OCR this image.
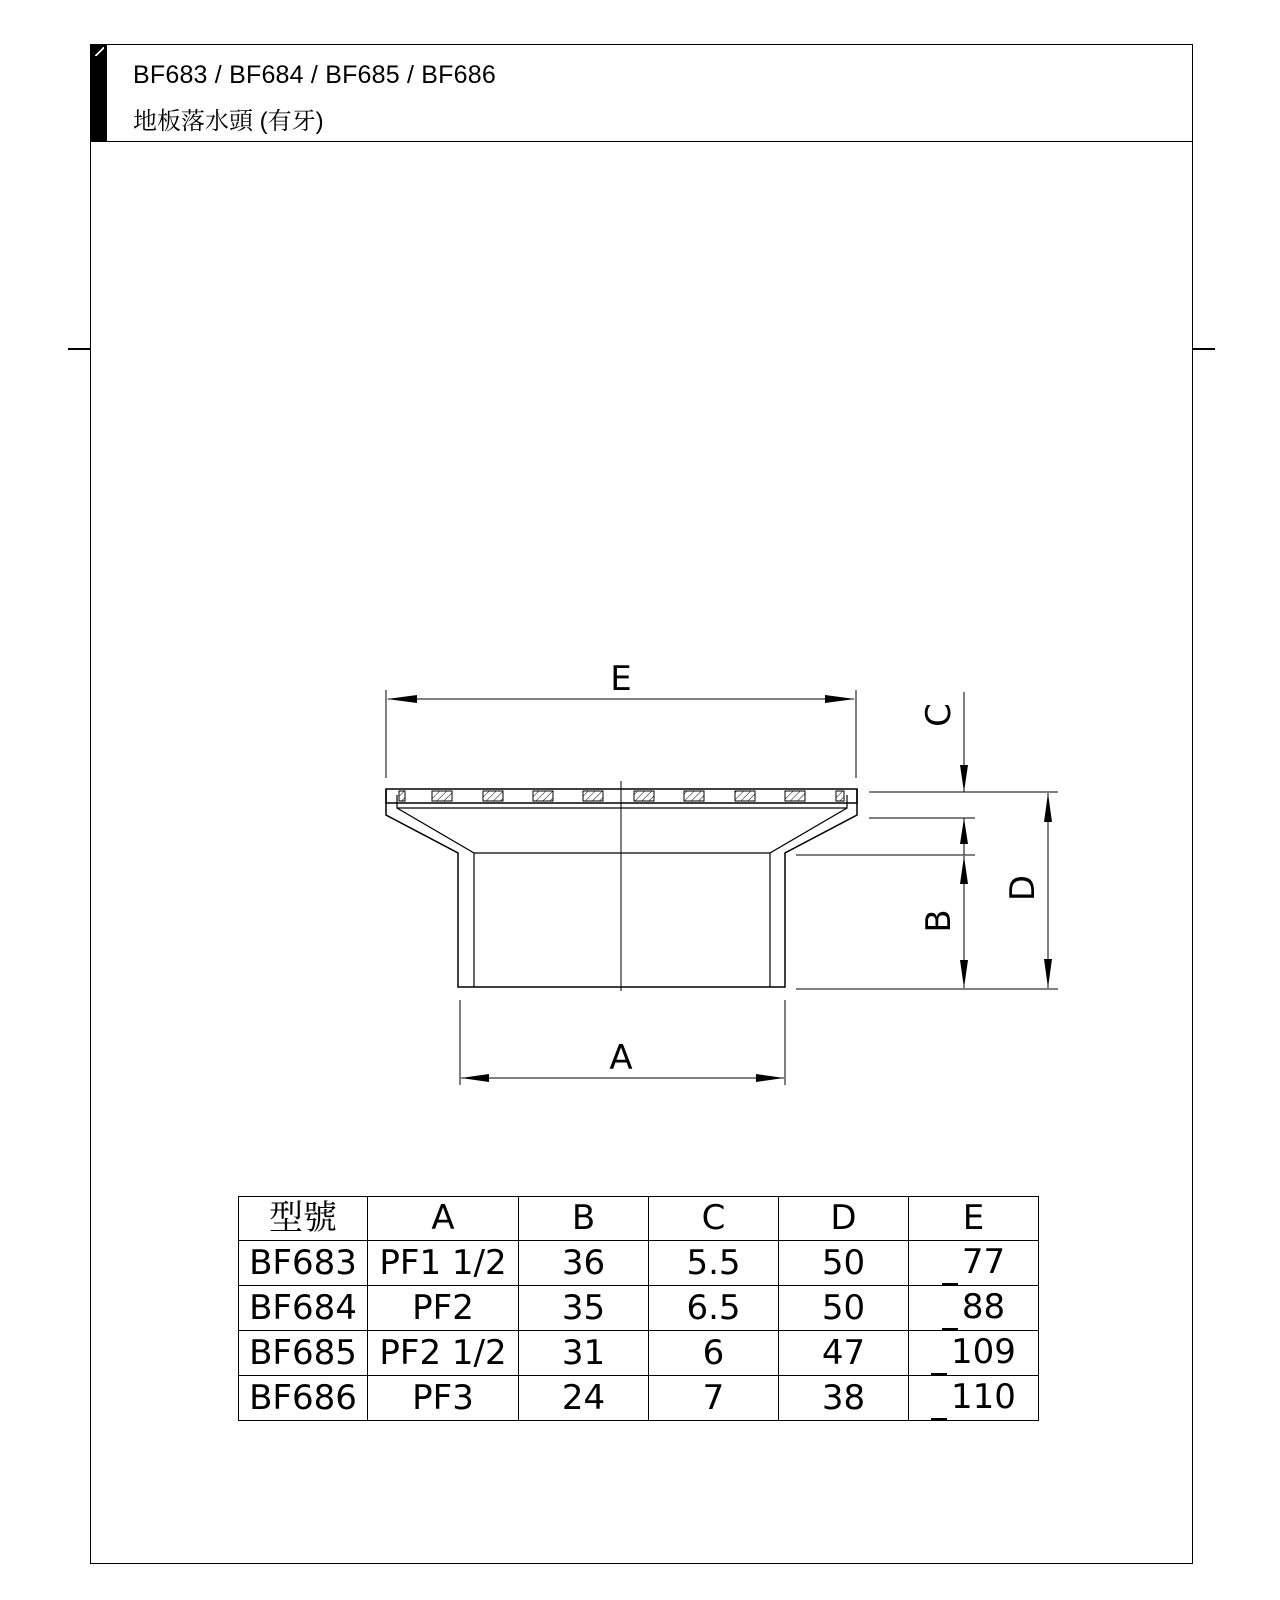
BF683 / BF684 / BF685 / BF686
地板落水頭 (有牙)
E
A
C
B
D
型號	A	B	C	D	E
BF683	PF1 1/2	36	5.5	50	77
BF684	PF2	35	6.5	50	88
BF685	PF2 1/2	31	6	47	109
BF686	PF3	24	7	38	110
